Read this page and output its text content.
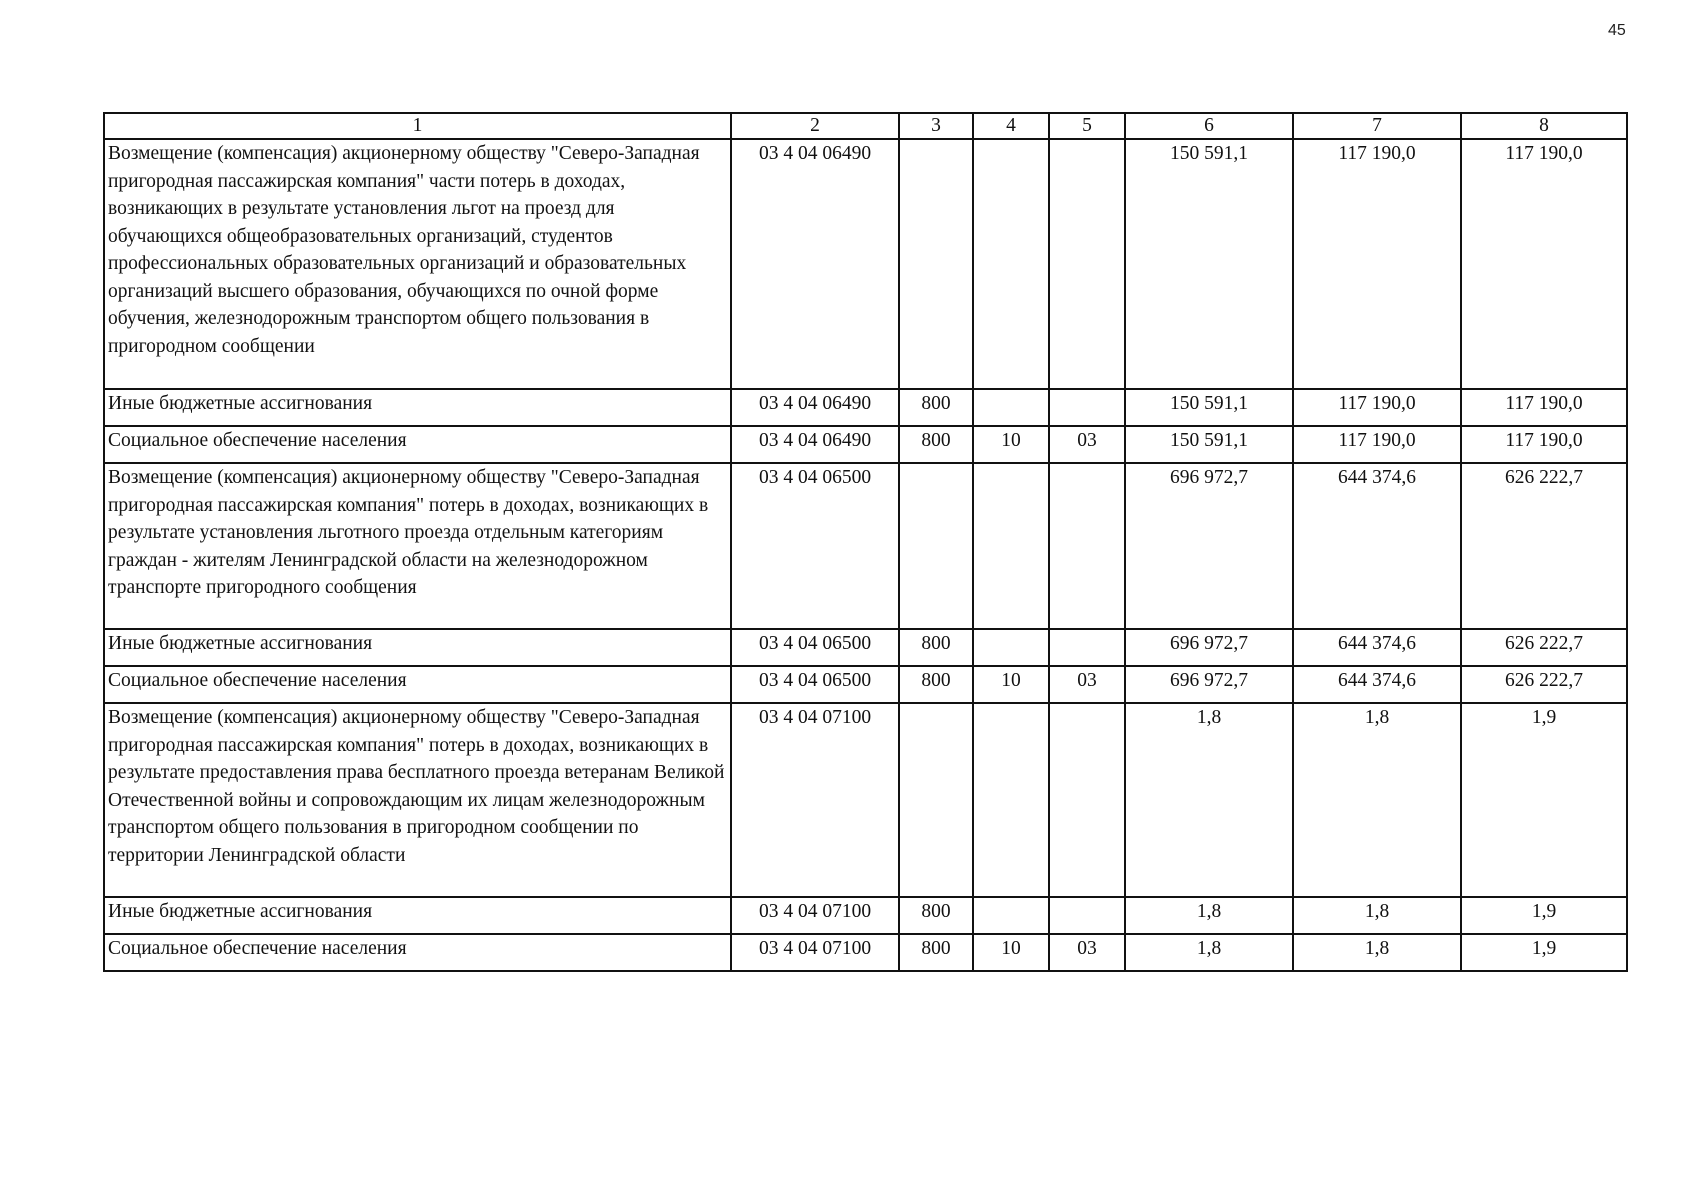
45
1	2	3	4	5	6	7	8
Возмещение (компенсация) акционерному обществу "Северо-Западная пригородная пассажирская компания" части потерь в доходах, возникающих в результате установления льгот на проезд для обучающихся общеобразовательных организаций, студентов профессиональных образовательных организаций и образовательных организаций высшего образования, обучающихся по очной форме обучения, железнодорожным транспортом общего пользования в пригородном сообщении	03 4 04 06490				150 591,1	117 190,0	117 190,0
Иные бюджетные ассигнования	03 4 04 06490	800			150 591,1	117 190,0	117 190,0
Социальное обеспечение населения	03 4 04 06490	800	10	03	150 591,1	117 190,0	117 190,0
Возмещение (компенсация) акционерному обществу "Северо-Западная пригородная пассажирская компания" потерь в доходах, возникающих в результате установления льготного проезда отдельным категориям граждан - жителям Ленинградской области на железнодорожном транспорте пригородного сообщения	03 4 04 06500				696 972,7	644 374,6	626 222,7
Иные бюджетные ассигнования	03 4 04 06500	800			696 972,7	644 374,6	626 222,7
Социальное обеспечение населения	03 4 04 06500	800	10	03	696 972,7	644 374,6	626 222,7
Возмещение (компенсация) акционерному обществу "Северо-Западная пригородная пассажирская компания" потерь в доходах, возникающих в результате предоставления права бесплатного проезда ветеранам Великой Отечественной войны и сопровождающим их лицам железнодорожным транспортом общего пользования в пригородном сообщении по территории Ленинградской области	03 4 04 07100				1,8	1,8	1,9
Иные бюджетные ассигнования	03 4 04 07100	800			1,8	1,8	1,9
Социальное обеспечение населения	03 4 04 07100	800	10	03	1,8	1,8	1,9
